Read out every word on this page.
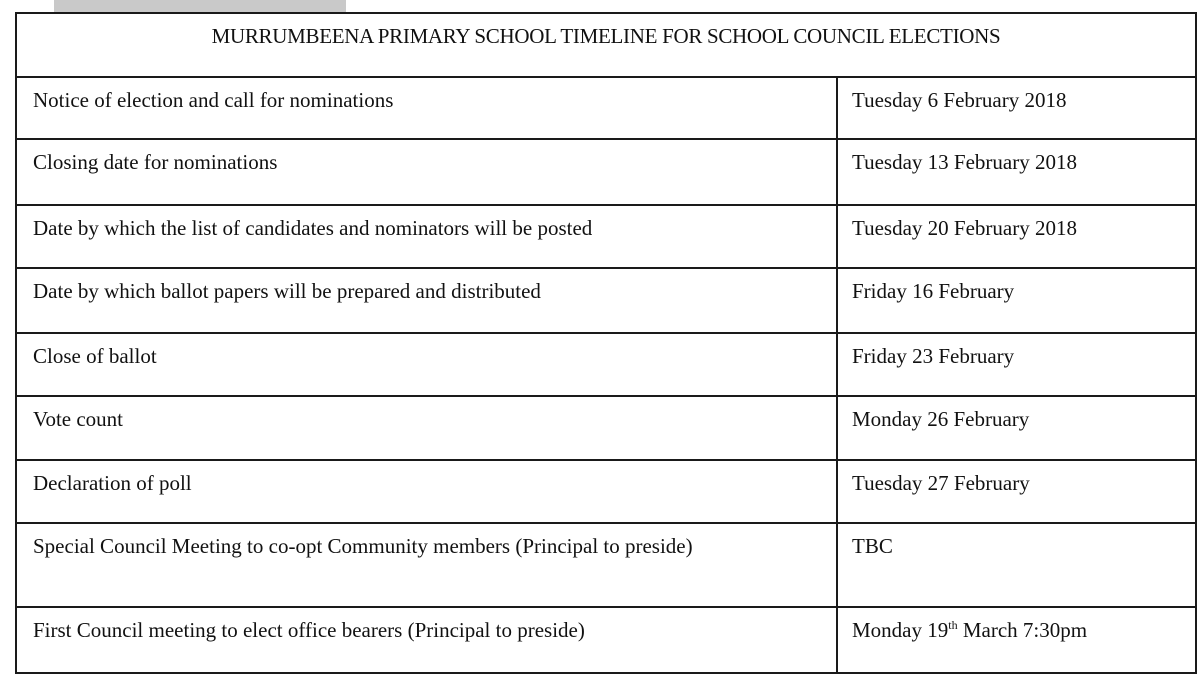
MURRUMBEENA PRIMARY SCHOOL TIMELINE FOR SCHOOL COUNCIL ELECTIONS	
Notice of election and call for nominations	Tuesday 6 February 2018
Closing date for nominations	Tuesday 13 February 2018
Date by which the list of candidates and nominators will be posted	Tuesday 20 February 2018
Date by which ballot papers will be prepared and distributed	Friday 16 February
Close of ballot	Friday 23 February
Vote count	Monday 26 February
Declaration of poll	Tuesday 27 February
Special Council Meeting to co-opt Community members (Principal to preside)	TBC
First Council meeting to elect office bearers (Principal to preside)	Monday 19th March 7:30pm
